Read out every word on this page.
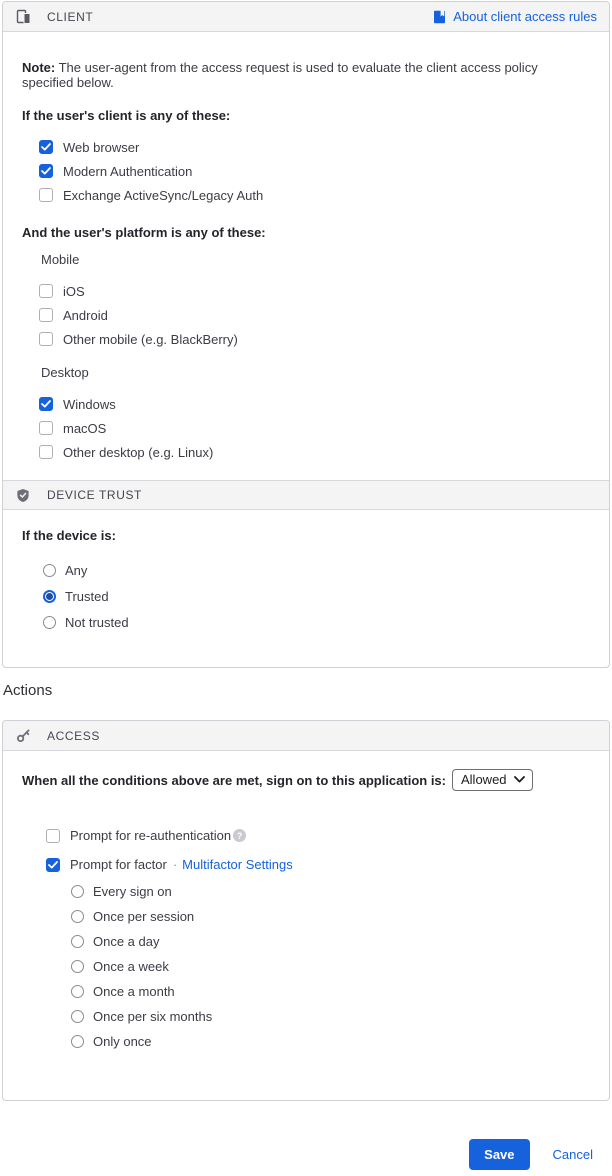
CLIENT	About client access rules

Note: The user-agent from the access request is used to evaluate the client access policy specified below.

If the user's client is any of these:
Web browser
Modern Authentication
Exchange ActiveSync/Legacy Auth
And the user's platform is any of these:
Mobile
iOS
Android
Other mobile (e.g. BlackBerry)
Desktop
Windows
macOS
Other desktop (e.g. Linux)
DEVICE TRUST
If the device is:
Any
Trusted
Not trusted
Actions
ACCESS

When all the conditions above are met, sign on to this application is: Allowed

Prompt for re-authentication ?
Prompt for factor · Multifactor Settings
Every sign on
Once per session
Once a day
Once a week
Once a month
Once per six months
Only once
Save	Cancel
